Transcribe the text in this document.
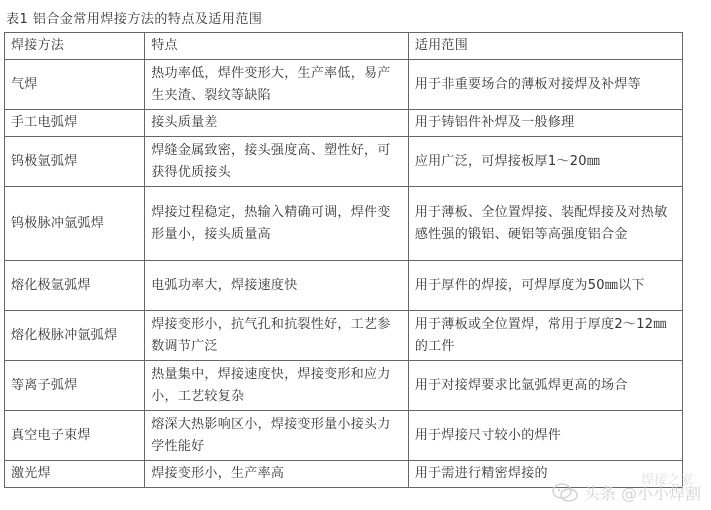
表1 铝合金常用焊接方法的特点及适用范围
焊接方法	特点	适用范围
气焊	热功率低，焊件变形大，生产率低，易产生夹渣、裂纹等缺陷	用于非重要场合的薄板对接焊及补焊等
手工电弧焊	接头质量差	用于铸铝件补焊及一般修理
钨极氩弧焊	焊缝金属致密，接头强度高、塑性好，可获得优质接头	应用广泛，可焊接板厚1～20㎜
钨极脉冲氩弧焊	焊接过程稳定，热输入精确可调，焊件变形量小，接头质量高	用于薄板、全位置焊接、装配焊接及对热敏感性强的锻铝、硬铝等高强度铝合金
熔化极氩弧焊	电弧功率大，焊接速度快	用于厚件的焊接，可焊厚度为50㎜以下
熔化极脉冲氩弧焊	焊接变形小，抗气孔和抗裂性好，工艺参数调节广泛	用于薄板或全位置焊，常用于厚度2～12㎜的工件
等离子弧焊	热量集中，焊接速度快，焊接变形和应力小，工艺较复杂	用于对接焊要求比氩弧焊更高的场合
真空电子束焊	熔深大热影响区小，焊接变形量小接头力学性能好	用于焊接尺寸较小的焊件
激光焊	焊接变形小，生产率高	用于需进行精密焊接的	焊接之家
头条 @小小焊割
